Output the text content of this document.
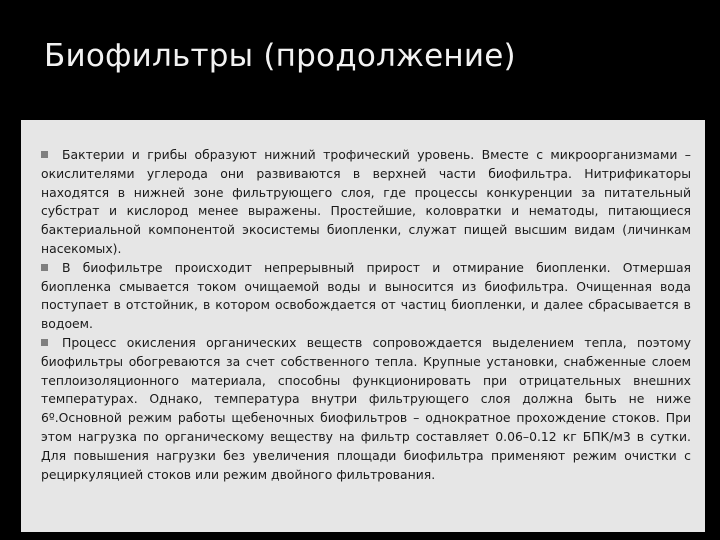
Биофильтры (продолжение)

Бактерии и грибы образуют нижний трофический уровень. Вместе с микроорганизмами – окислителями углерода они развиваются в верхней части биофильтра. Нитрификаторы находятся в нижней зоне фильтрующего слоя, где процессы конкуренции за питательный субстрат и кислород менее выражены. Простейшие, коловратки и нематоды, питающиеся бактериальной компонентой экосистемы биопленки, служат пищей высшим видам (личинкам насекомых).

В биофильтре происходит непрерывный прирост и отмирание биопленки. Отмершая биопленка смывается током очищаемой воды и выносится из биофильтра. Очищенная вода поступает в отстойник, в котором освобождается от частиц биопленки, и далее сбрасывается в водоем.

Процесс окисления органических веществ сопровождается выделением тепла, поэтому биофильтры обогреваются за счет собственного тепла. Крупные установки, снабженные слоем теплоизоляционного материала, способны функционировать при отрицательных внешних температурах. Однако, температура внутри фильтрующего слоя должна быть не ниже 6º.Основной режим работы щебеночных биофильтров – однократное прохождение стоков. При этом нагрузка по органическому веществу на фильтр составляет 0.06–0.12 кг БПК/м3 в сутки. Для повышения нагрузки без увеличения площади биофильтра применяют режим очистки с рециркуляцией стоков или режим двойного фильтрования.
